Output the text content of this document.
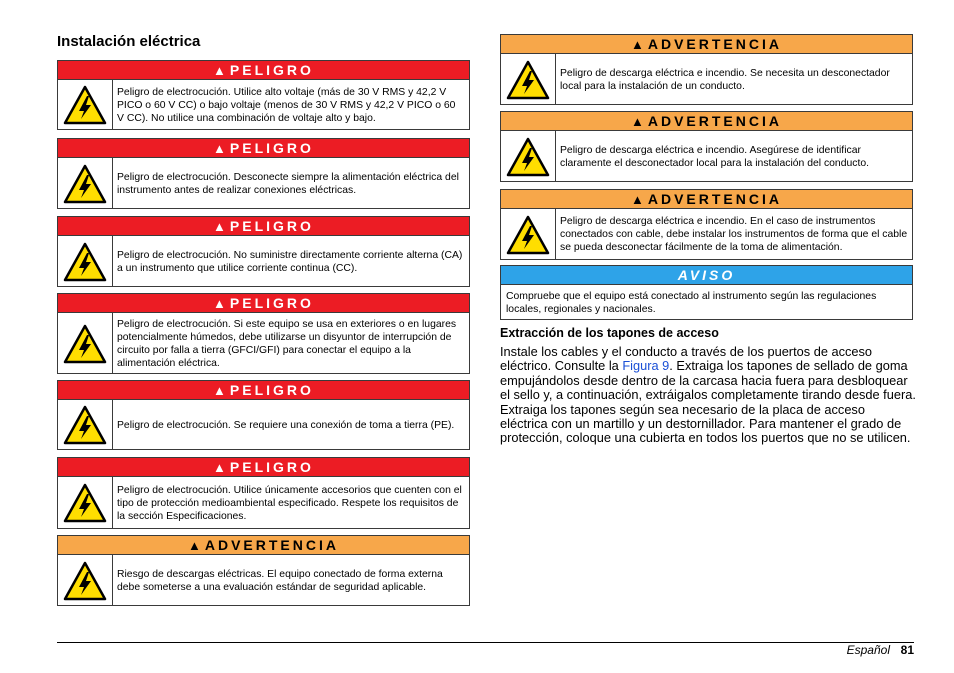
Instalación eléctrica
▲ PELIGRO
Peligro de electrocución. Utilice alto voltaje (más de 30 V RMS y 42,2 V PICO o 60 V CC) o bajo voltaje (menos de 30 V RMS y 42,2 V PICO o 60 V CC). No utilice una combinación de voltaje alto y bajo.
▲ PELIGRO
Peligro de electrocución. Desconecte siempre la alimentación eléctrica del instrumento antes de realizar conexiones eléctricas.
▲ PELIGRO
Peligro de electrocución. No suministre directamente corriente alterna (CA) a un instrumento que utilice corriente continua (CC).
▲ PELIGRO
Peligro de electrocución. Si este equipo se usa en exteriores o en lugares potencialmente húmedos, debe utilizarse un disyuntor de interrupción de circuito por falla a tierra (GFCI/GFI) para conectar el equipo a la alimentación eléctrica.
▲ PELIGRO
Peligro de electrocución. Se requiere una conexión de toma a tierra (PE).
▲ PELIGRO
Peligro de electrocución. Utilice únicamente accesorios que cuenten con el tipo de protección medioambiental especificado. Respete los requisitos de la sección Especificaciones.
▲ ADVERTENCIA
Riesgo de descargas eléctricas. El equipo conectado de forma externa debe someterse a una evaluación estándar de seguridad aplicable.
▲ ADVERTENCIA
Peligro de descarga eléctrica e incendio. Se necesita un desconectador local para la instalación de un conducto.
▲ ADVERTENCIA
Peligro de descarga eléctrica e incendio. Asegúrese de identificar claramente el desconectador local para la instalación del conducto.
▲ ADVERTENCIA
Peligro de descarga eléctrica e incendio. En el caso de instrumentos conectados con cable, debe instalar los instrumentos de forma que el cable se pueda desconectar fácilmente de la toma de alimentación.
AVISO
Compruebe que el equipo está conectado al instrumento según las regulaciones locales, regionales y nacionales.
Extracción de los tapones de acceso

Instale los cables y el conducto a través de los puertos de acceso eléctrico. Consulte la Figura 9. Extraiga los tapones de sellado de goma empujándolos desde dentro de la carcasa hacia fuera para desbloquear el sello y, a continuación, extráigalos completamente tirando desde fuera. Extraiga los tapones según sea necesario de la placa de acceso eléctrica con un martillo y un destornillador. Para mantener el grado de protección, coloque una cubierta en todos los puertos que no se utilicen.

Español 81
